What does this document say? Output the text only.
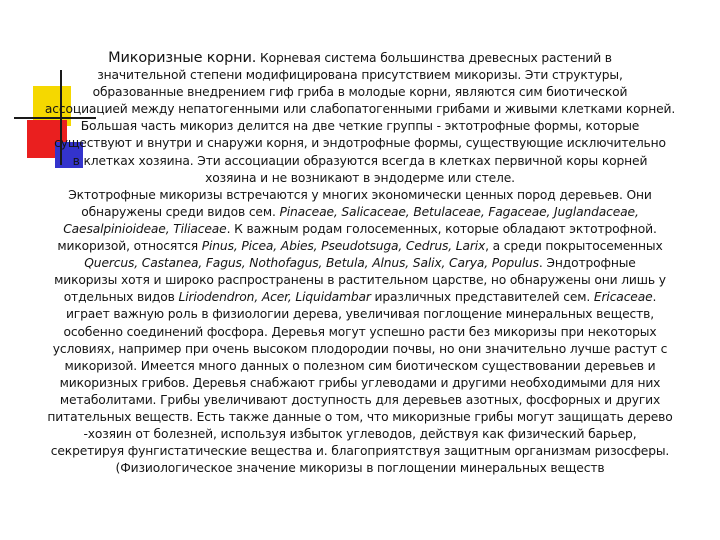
Микоризные корни. Корневая система большинства древесных растений в
значительной степени модифицирована присутствием микоризы. Эти структуры,
образованные внедрением гиф гриба в молодые корни, являются сим биотической
ассоциацией между непатогенными или слабопатогенными грибами и живыми клетками корней.
Большая часть микориз делится на две четкие группы - эктотрофные формы, которые
существуют и внутри и снаружи корня, и эндотрофные формы, существующие исключительно
в клетках хозяина. Эти ассоциации образуются всегда в клетках первичной коры корней
хозяина и не возникают в эндодерме или стеле.
Эктотрофные микоризы встречаются у многих экономически ценных пород деревьев. Они
обнаружены среди видов сем. Pinaceae, Salicaceae, Betulaceae, Fagaceae, Juglandaceae,
Caesalpinioideae, Tiliaceae. К важным родам голосеменных, которые обладают эктотрофной.
микоризой, относятся Pinus, Picea, Abies, Pseudotsuga, Cedrus, Larix, а среди покрытосеменных
Quercus, Castanea, Fagus, Nothofagus, Betula, Alnus, Salix, Carya, Populus. Эндотрофные
микоризы хотя и широко распространены в растительном царстве, но обнаружены они лишь у
отдельных видов Liriodendron, Acer, Liquidambar иразличных представителей сем. Ericaceae.
играет важную роль в физиологии дерева, увеличивая поглощение минеральных веществ,
особенно соединений фосфора. Деревья могут успешно расти без микоризы при некоторых
условиях, например при очень высоком плодородии почвы, но они значительно лучше растут с
микоризой. Имеется много данных о полезном сим биотическом существовании деревьев и
микоризных грибов. Деревья снабжают грибы углеводами и другими необходимыми для них
метаболитами. Грибы увеличивают доступность для деревьев азотных, фосфорных и других
питательных веществ. Есть также данные о том, что микоризные грибы могут защищать дерево
-хозяин от болезней, используя избыток углеводов, действуя как физический барьер,
секретируя фунгистатические вещества и. благоприятствуя защитным организмам ризосферы.
(Физиологическое значение микоризы в поглощении минеральных веществ
